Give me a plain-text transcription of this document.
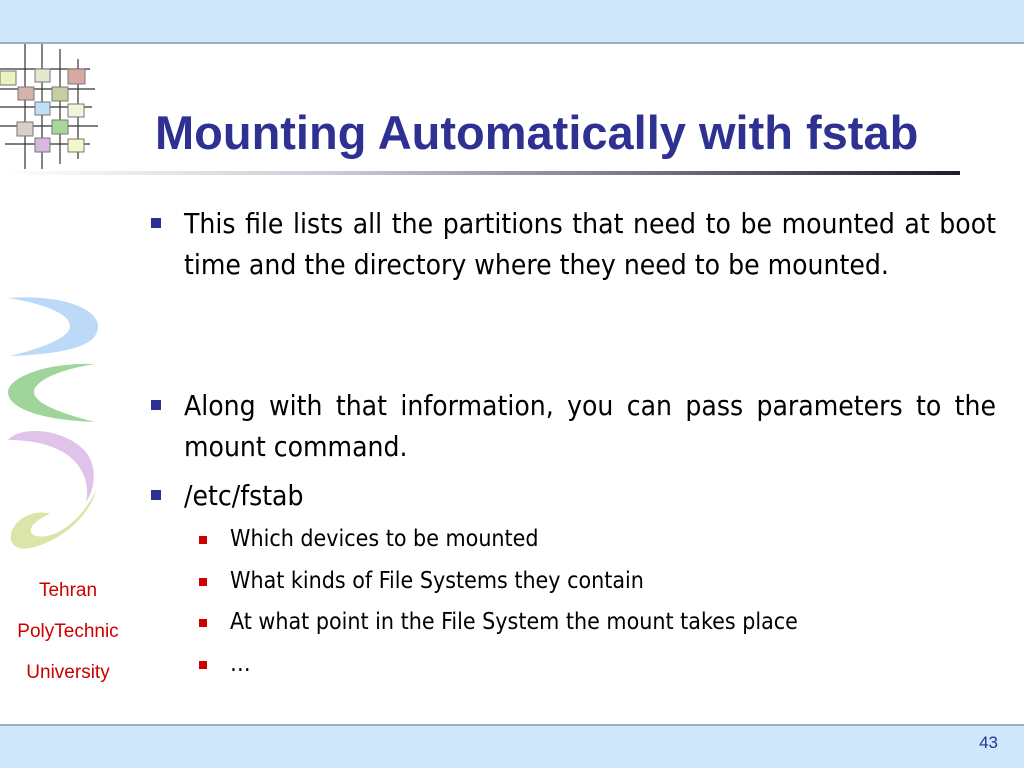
Mounting Automatically with fstab
Tehran
PolyTechnic
University
This file lists all the partitions that need to be mounted at boot time and the directory where they need to be mounted.
Along with that information, you can pass parameters to the mount command.
/etc/fstab
Which devices to be mounted
What kinds of File Systems they contain
At what point in the File System the mount takes place
…
43
